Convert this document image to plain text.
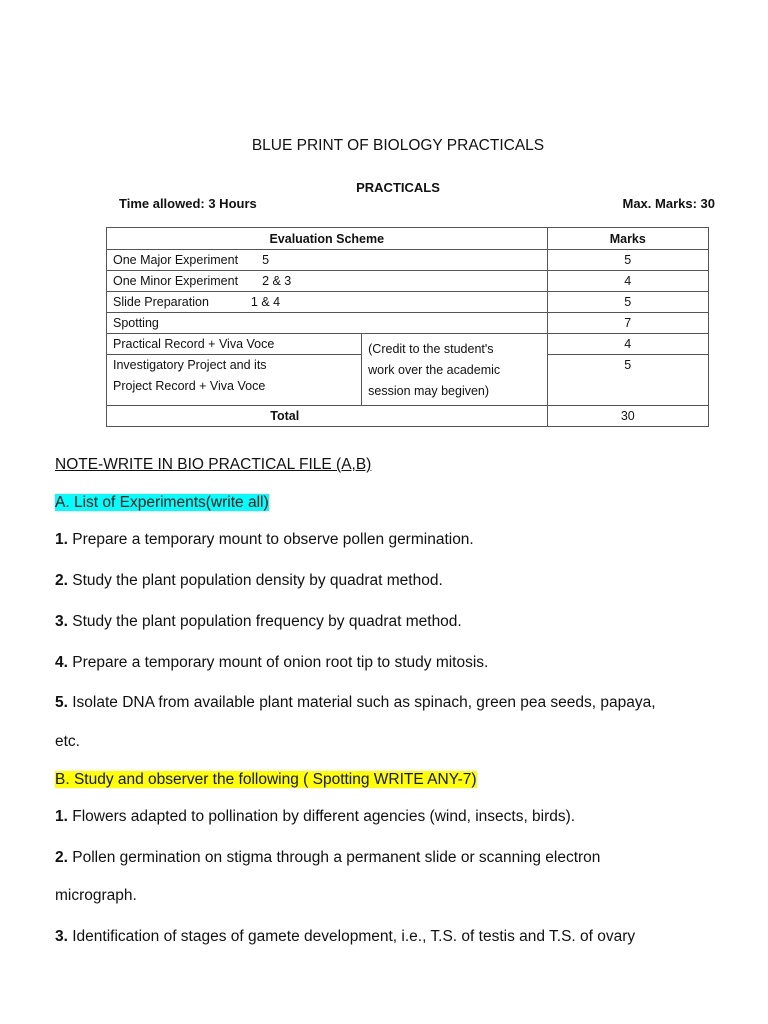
BLUE PRINT OF BIOLOGY PRACTICALS
PRACTICALS
Time allowed: 3 Hours	Max. Marks: 30
Evaluation Scheme		Marks
One Major Experiment 5		5
One Minor Experiment 2 & 3		4
Slide Preparation 1 & 4		5
Spotting		7
Practical Record + Viva Voce	(Credit to the student's
work over the academic
session may begiven)	4

Investigatory Project and its
Project Record + Viva Voce		5
Total		30
NOTE-WRITE IN BIO PRACTICAL FILE (A,B)
A. List of Experiments(write all)
1. Prepare a temporary mount to observe pollen germination.
2. Study the plant population density by quadrat method.
3. Study the plant population frequency by quadrat method.
4. Prepare a temporary mount of onion root tip to study mitosis.
5. Isolate DNA from available plant material such as spinach, green pea seeds, papaya,
etc.
B. Study and observer the following ( Spotting WRITE ANY-7)
1. Flowers adapted to pollination by different agencies (wind, insects, birds).
2. Pollen germination on stigma through a permanent slide or scanning electron
micrograph.
3. Identification of stages of gamete development, i.e., T.S. of testis and T.S. of ovary
